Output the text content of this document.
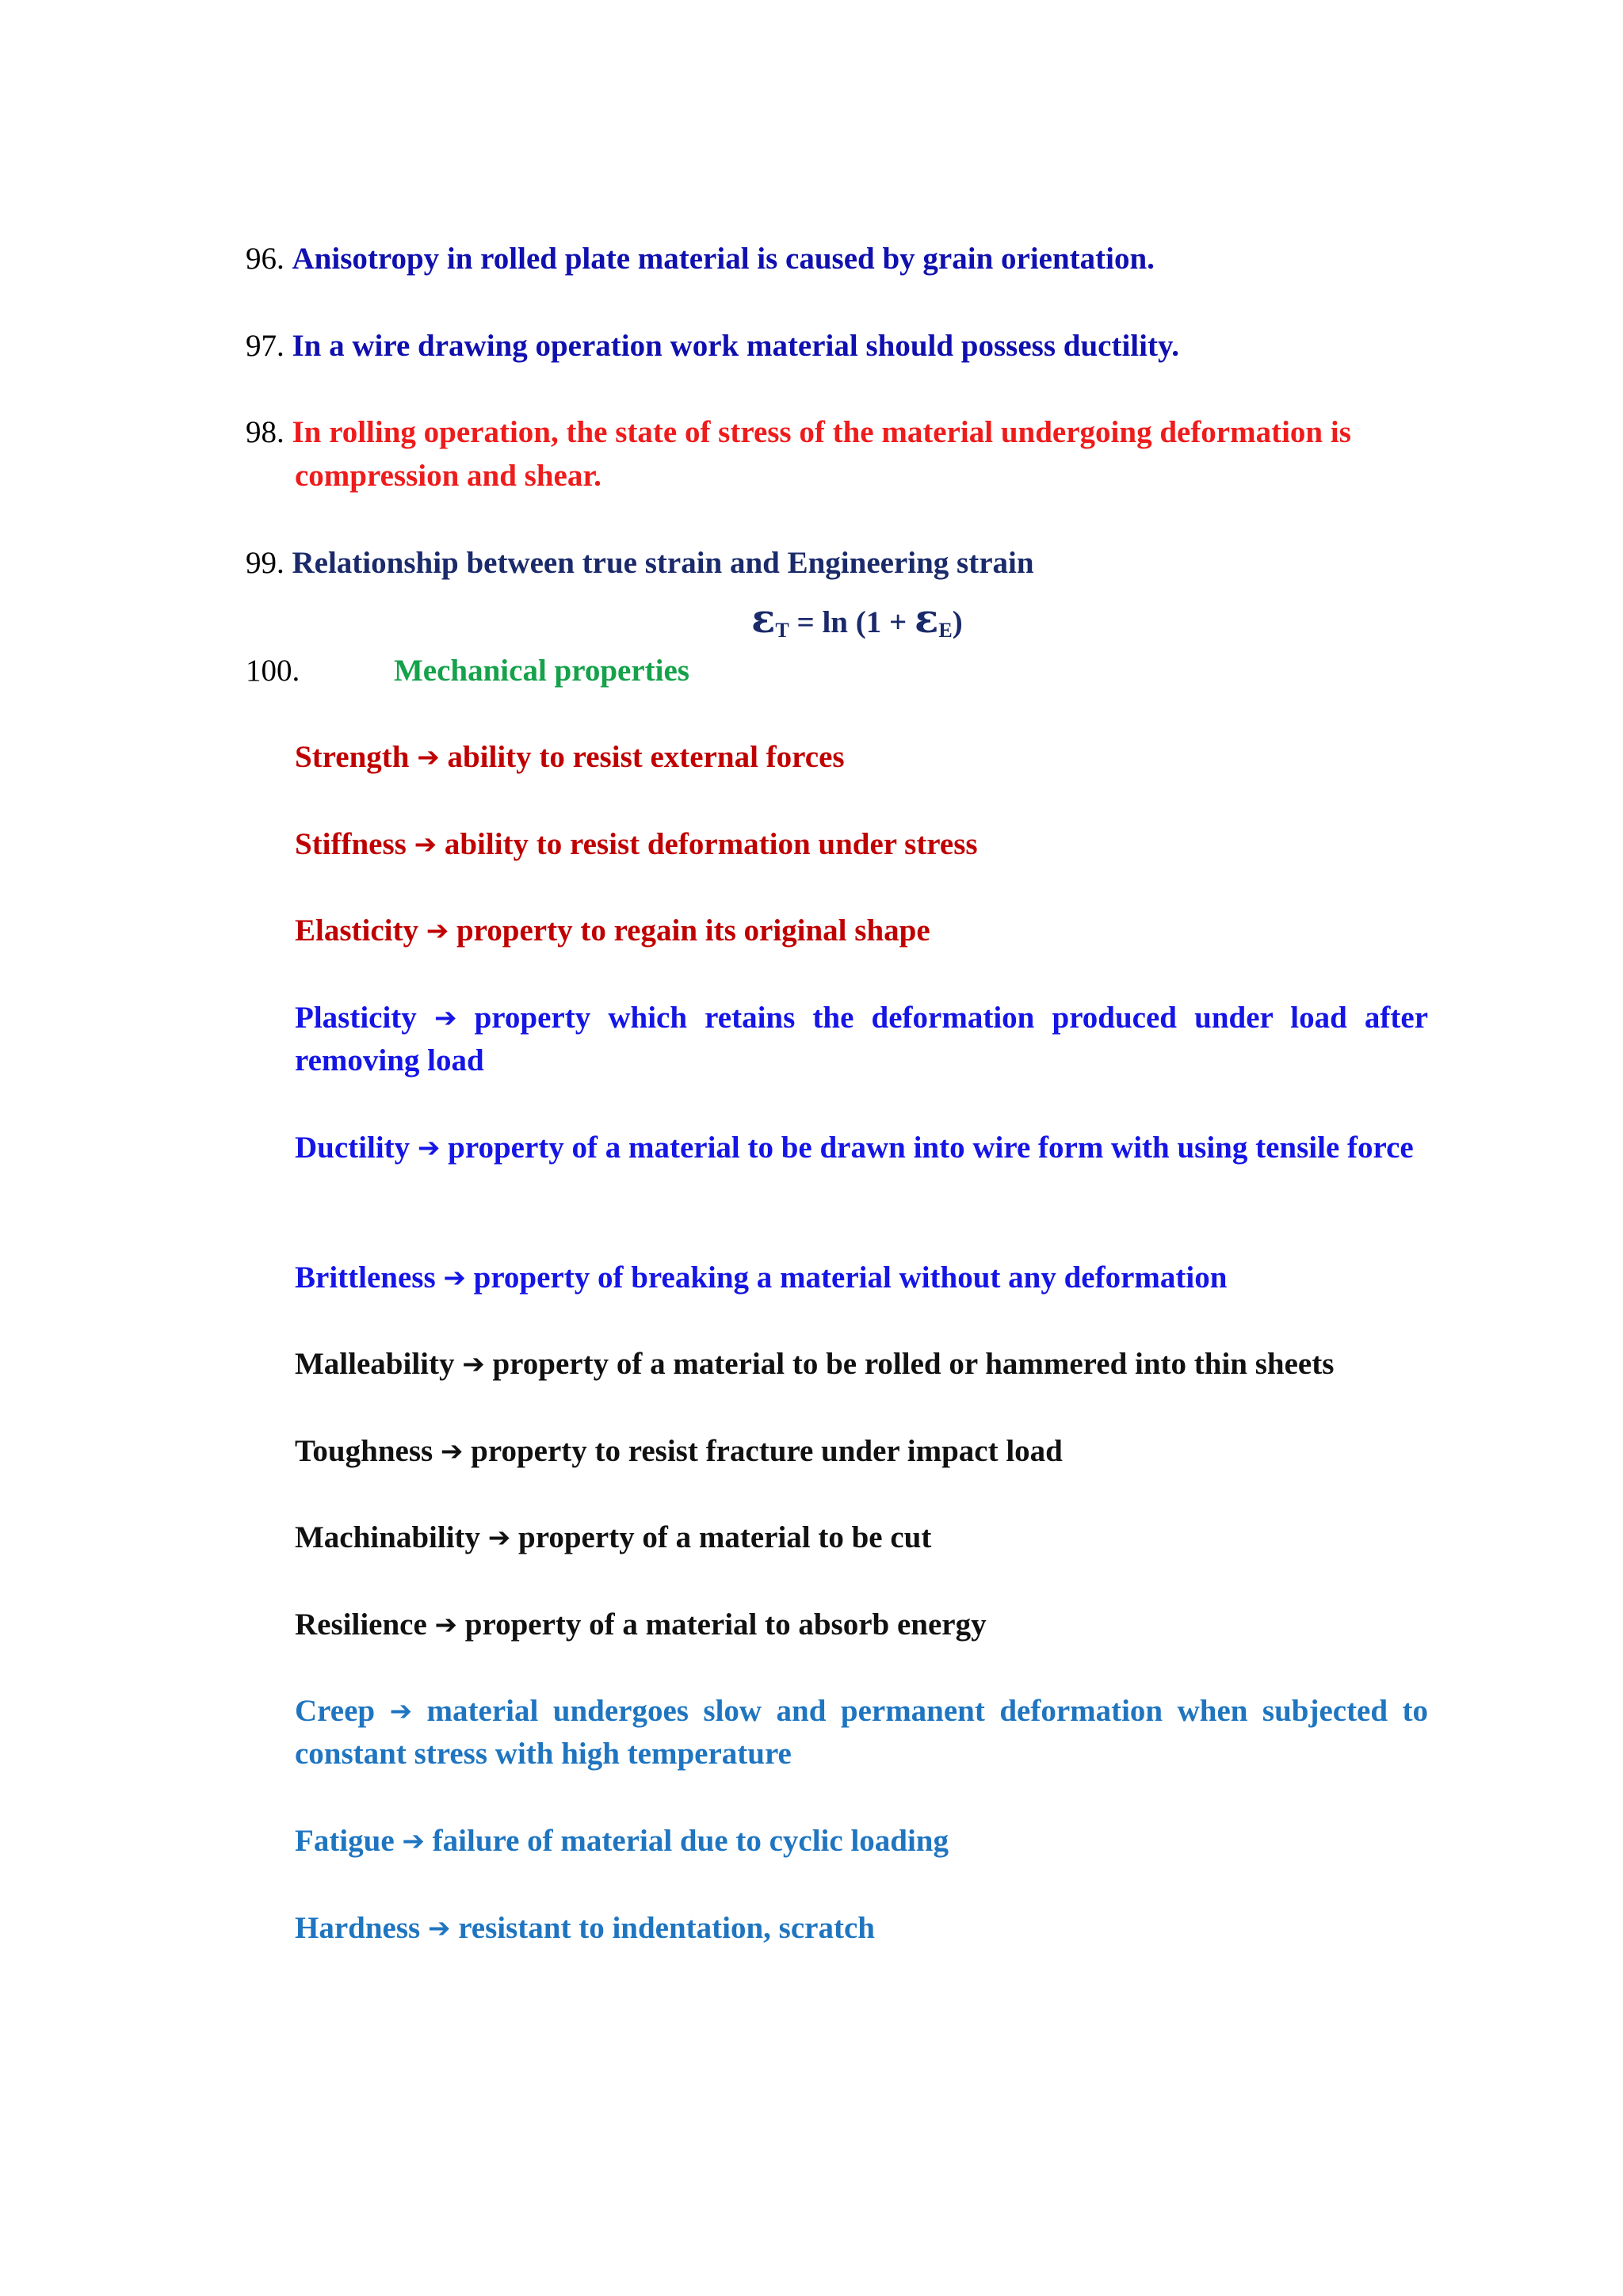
96. Anisotropy in rolled plate material is caused by grain orientation.
97. In a wire drawing operation work material should possess ductility.
98. In rolling operation, the state of stress of the material undergoing deformation is
compression and shear.
99. Relationship between true strain and Engineering strain
$\varepsilon_T = \ln (1 + \varepsilon_E)$
100.	Mechanical properties
Strength ➔ ability to resist external forces
Stiffness ➔ ability to resist deformation under stress
Elasticity ➔ property to regain its original shape
Plasticity ➔ property which retains the deformation produced under load after removing load
Ductility ➔ property of a material to be drawn into wire form with using tensile force
Brittleness ➔ property of breaking a material without any deformation
Malleability ➔ property of a material to be rolled or hammered into thin sheets
Toughness ➔ property to resist fracture under impact load
Machinability ➔ property of a material to be cut
Resilience ➔ property of a material to absorb energy
Creep ➔ material undergoes slow and permanent deformation when subjected to constant stress with high temperature
Fatigue ➔ failure of material due to cyclic loading
Hardness ➔ resistant to indentation, scratch
